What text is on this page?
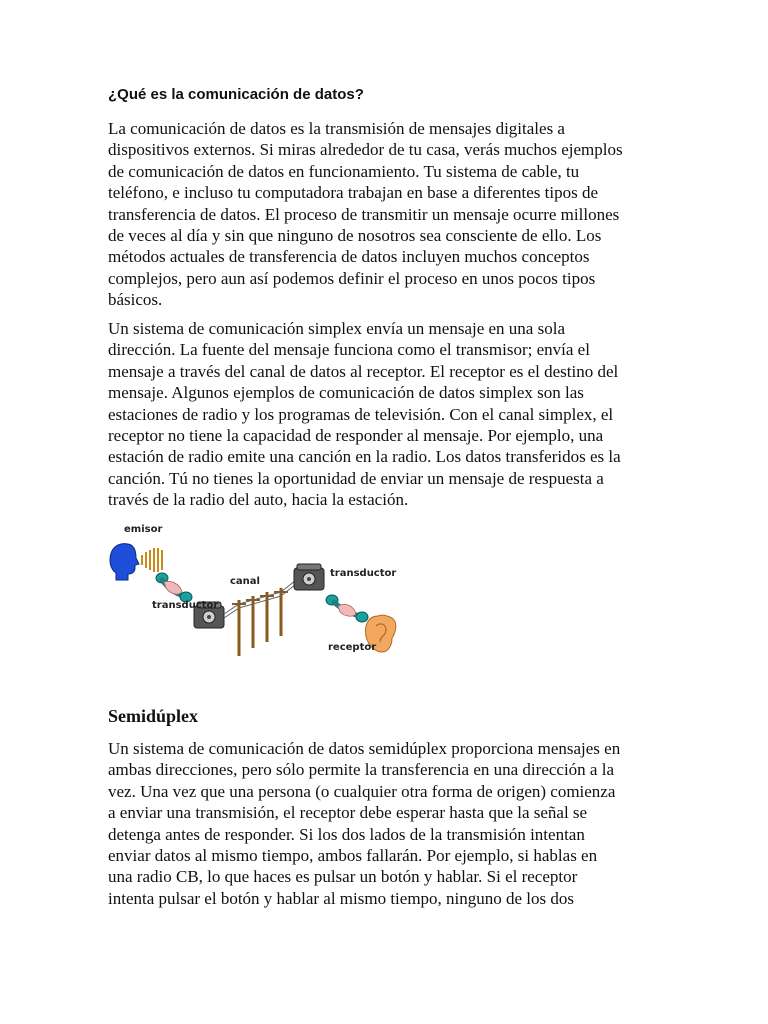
¿Qué es la comunicación de datos?

La comunicación de datos es la transmisión de mensajes digitales a
dispositivos externos. Si miras alrededor de tu casa, verás muchos ejemplos
de comunicación de datos en funcionamiento. Tu sistema de cable, tu
teléfono, e incluso tu computadora trabajan en base a diferentes tipos de
transferencia de datos. El proceso de transmitir un mensaje ocurre millones
de veces al día y sin que ninguno de nosotros sea consciente de ello. Los
métodos actuales de transferencia de datos incluyen muchos conceptos
complejos, pero aun así podemos definir el proceso en unos pocos tipos
básicos.

Un sistema de comunicación simplex envía un mensaje en una sola
dirección. La fuente del mensaje funciona como el transmisor; envía el
mensaje a través del canal de datos al receptor. El receptor es el destino del
mensaje. Algunos ejemplos de comunicación de datos simplex son las
estaciones de radio y los programas de televisión. Con el canal simplex, el
receptor no tiene la capacidad de responder al mensaje. Por ejemplo, una
estación de radio emite una canción en la radio. Los datos transferidos es la
canción. Tú no tienes la oportunidad de enviar un mensaje de respuesta a
través de la radio del auto, hacia la estación.

emisor
transductor
canal
transductor
receptor
Semidúplex

Un sistema de comunicación de datos semidúplex proporciona mensajes en
ambas direcciones, pero sólo permite la transferencia en una dirección a la
vez. Una vez que una persona (o cualquier otra forma de origen) comienza
a enviar una transmisión, el receptor debe esperar hasta que la señal se
detenga antes de responder. Si los dos lados de la transmisión intentan
enviar datos al mismo tiempo, ambos fallarán. Por ejemplo, si hablas en
una radio CB, lo que haces es pulsar un botón y hablar. Si el receptor
intenta pulsar el botón y hablar al mismo tiempo, ninguno de los dos
